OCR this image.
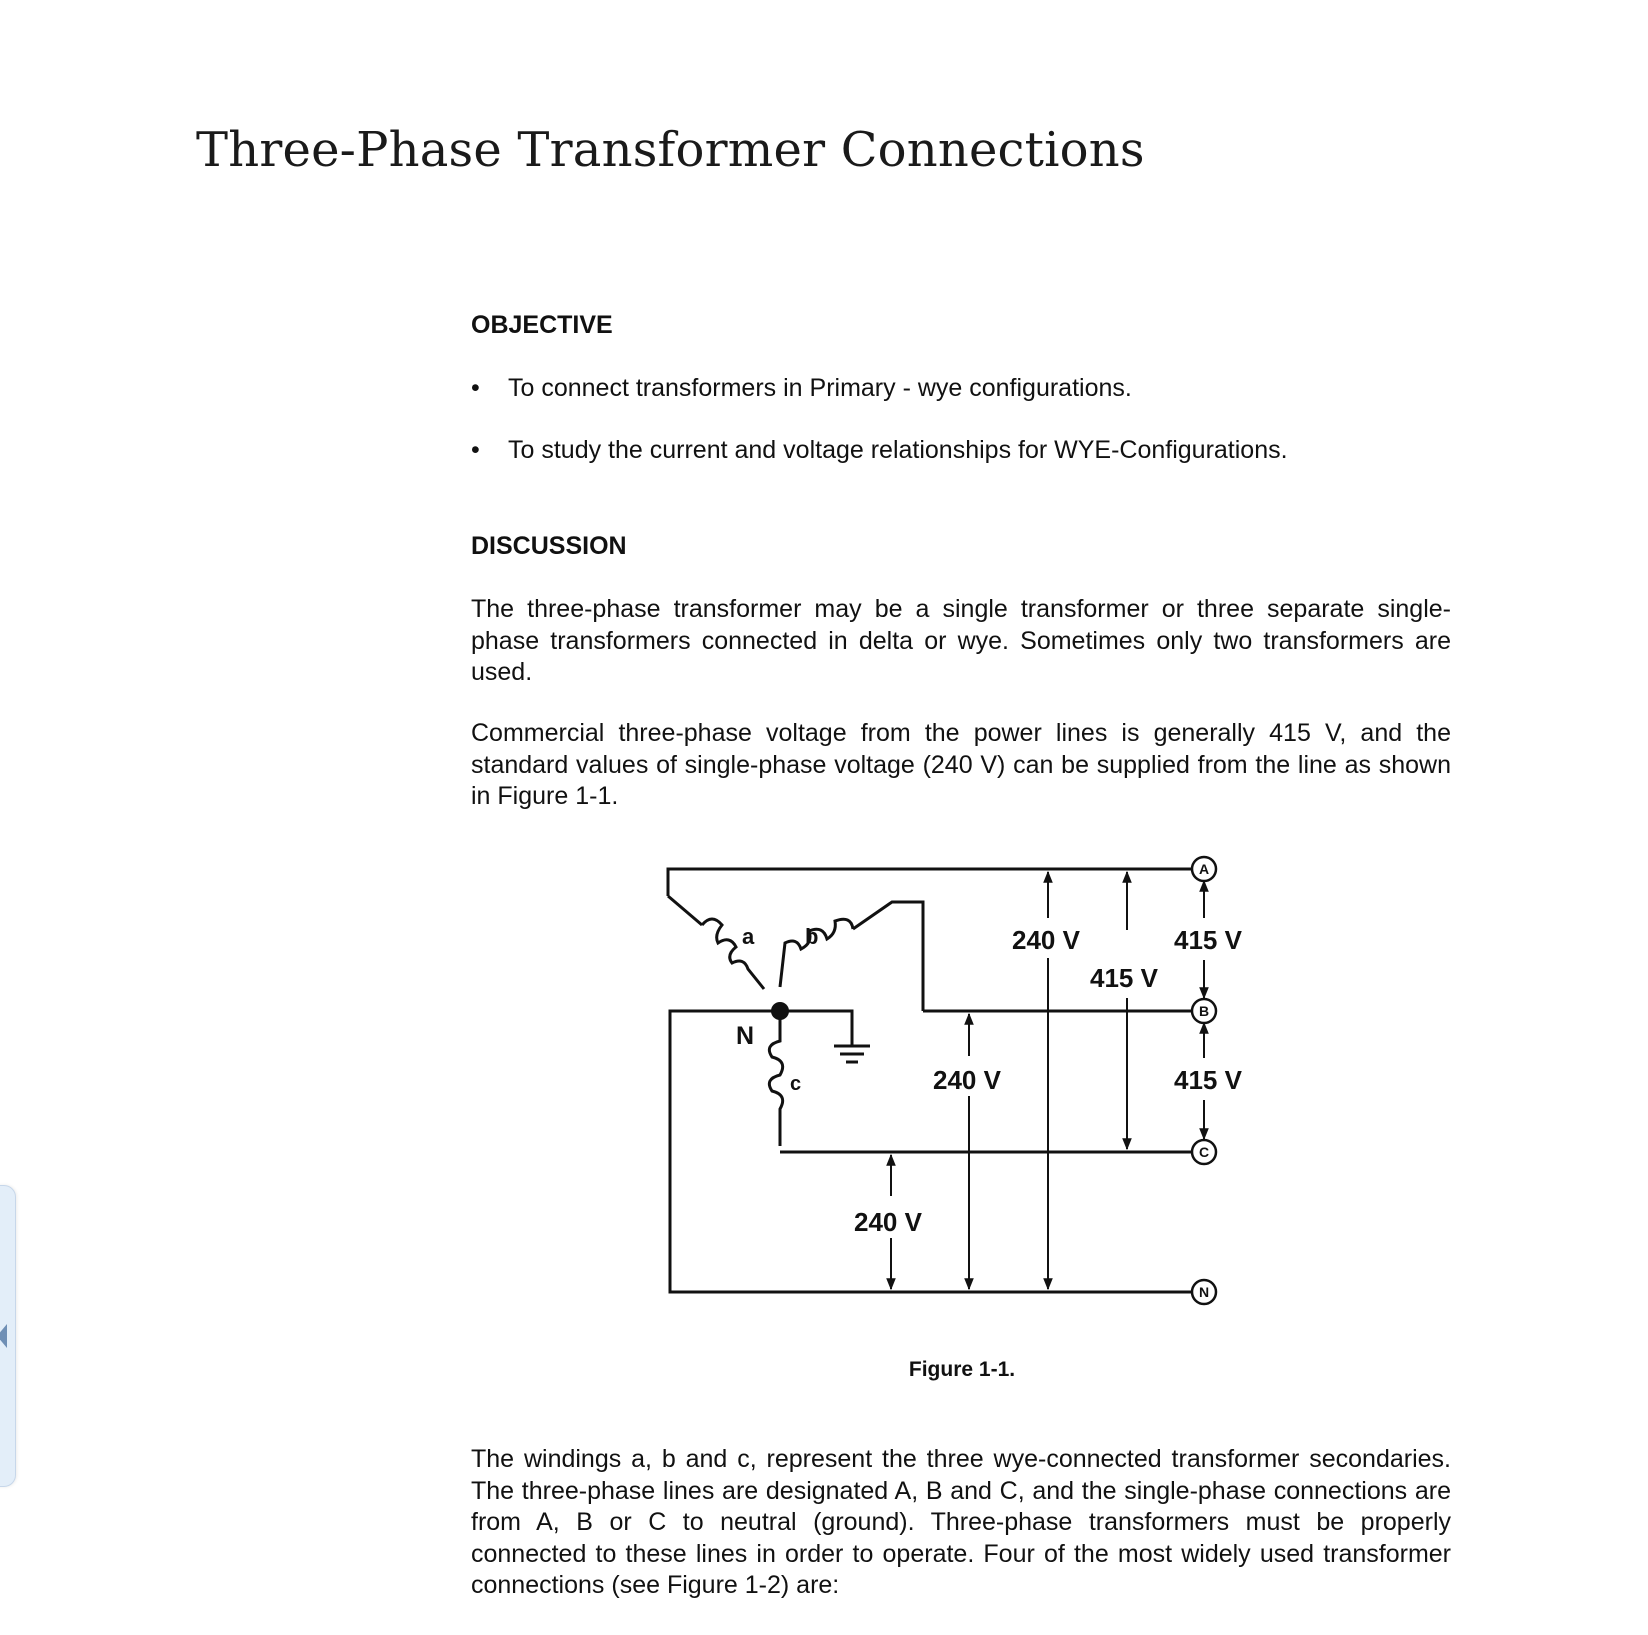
Three-Phase Transformer Connections
OBJECTIVE
• To connect transformers in Primary - wye configurations.
• To study the current and voltage relationships for WYE-Configurations.
DISCUSSION

The three-phase transformer may be a single transformer or three separate single-phase transformers connected in delta or wye. Sometimes only two transformers are used.

Commercial three-phase voltage from the power lines is generally 415 V, and the standard values of single-phase voltage (240 V) can be supplied from the line as shown in Figure 1-1.

A
B
C
N
a b
c
N
240 V
415 V
415 V
240 V	415 V
240 V
Figure 1-1.

The windings a, b and c, represent the three wye-connected transformer secondaries. The three-phase lines are designated A, B and C, and the single-phase connections are from A, B or C to neutral (ground). Three-phase transformers must be properly connected to these lines in order to operate. Four of the most widely used transformer connections (see Figure 1-2) are:
